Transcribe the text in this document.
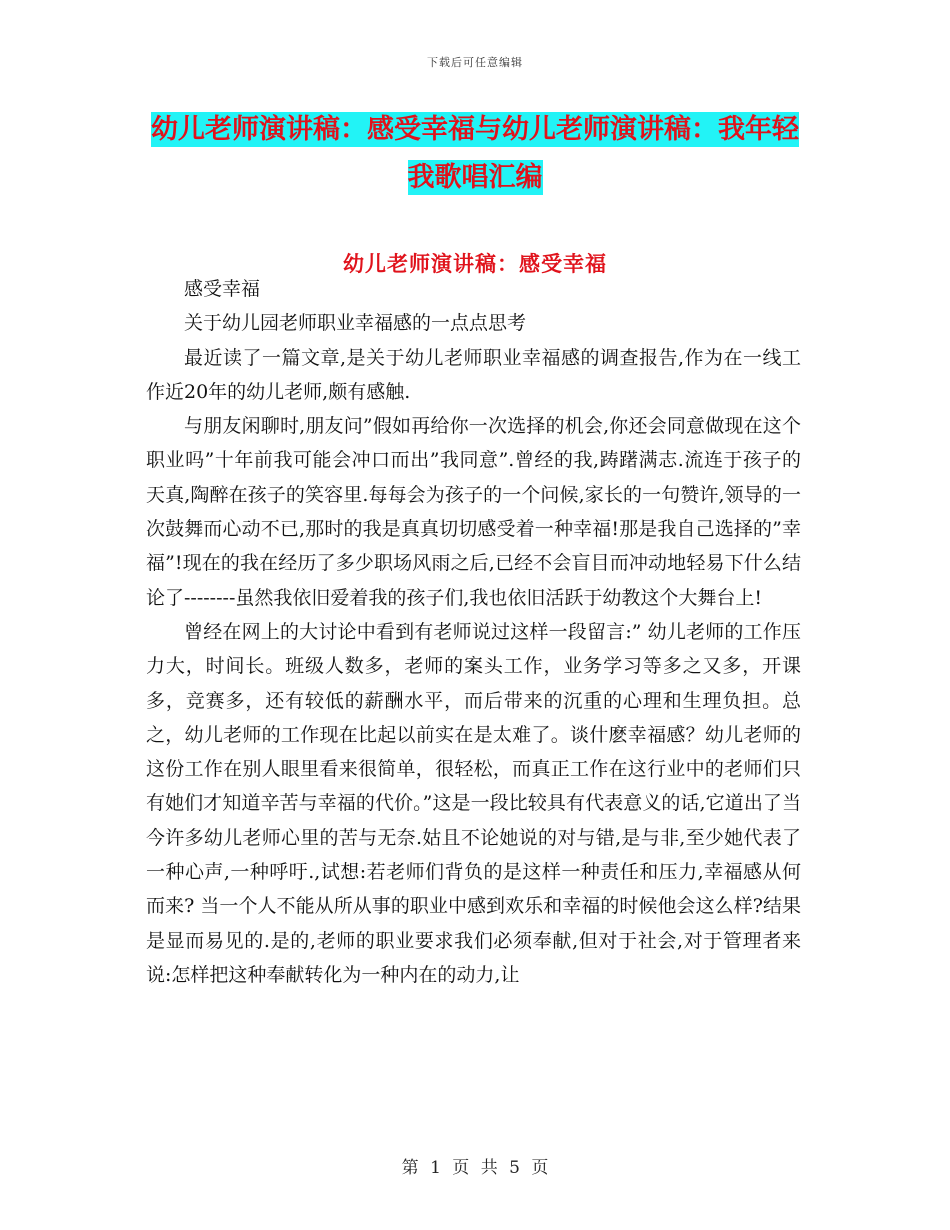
下载后可任意编辑
幼儿老师演讲稿：感受幸福与幼儿老师演讲稿：我年轻我歌唱汇编
幼儿老师演讲稿：感受幸福

感受幸福

关于幼儿园老师职业幸福感的一点点思考

最近读了一篇文章,是关于幼儿老师职业幸福感的调查报告,作为在一线工作近20年的幼儿老师,颇有感触.

与朋友闲聊时,朋友问”假如再给你一次选择的机会,你还会同意做现在这个职业吗”十年前我可能会冲口而出”我同意”.曾经的我,踌躇满志.流连于孩子的天真,陶醉在孩子的笑容里.每每会为孩子的一个问候,家长的一句赞许,领导的一次鼓舞而心动不已,那时的我是真真切切感受着一种幸福!那是我自己选择的”幸福”!现在的我在经历了多少职场风雨之后,已经不会盲目而冲动地轻易下什么结论了--------虽然我依旧爱着我的孩子们,我也依旧活跃于幼教这个大舞台上!

曾经在网上的大讨论中看到有老师说过这样一段留言:” 幼儿老师的工作压力大，时间长。班级人数多，老师的案头工作，业务学习等多之又多，开课多，竞赛多，还有较低的薪酬水平，而后带来的沉重的心理和生理负担。总之，幼儿老师的工作现在比起以前实在是太难了。谈什麽幸福感？幼儿老师的这份工作在别人眼里看来很简单，很轻松，而真正工作在这行业中的老师们只有她们才知道辛苦与幸福的代价。”这是一段比较具有代表意义的话,它道出了当今许多幼儿老师心里的苦与无奈.姑且不论她说的对与错,是与非,至少她代表了一种心声,一种呼吁.,试想:若老师们背负的是这样一种责任和压力,幸福感从何而来? 当一个人不能从所从事的职业中感到欢乐和幸福的时候他会这么样?结果是显而易见的.是的,老师的职业要求我们必须奉献,但对于社会,对于管理者来说:怎样把这种奉献转化为一种内在的动力,让

第 1 页 共 5 页
